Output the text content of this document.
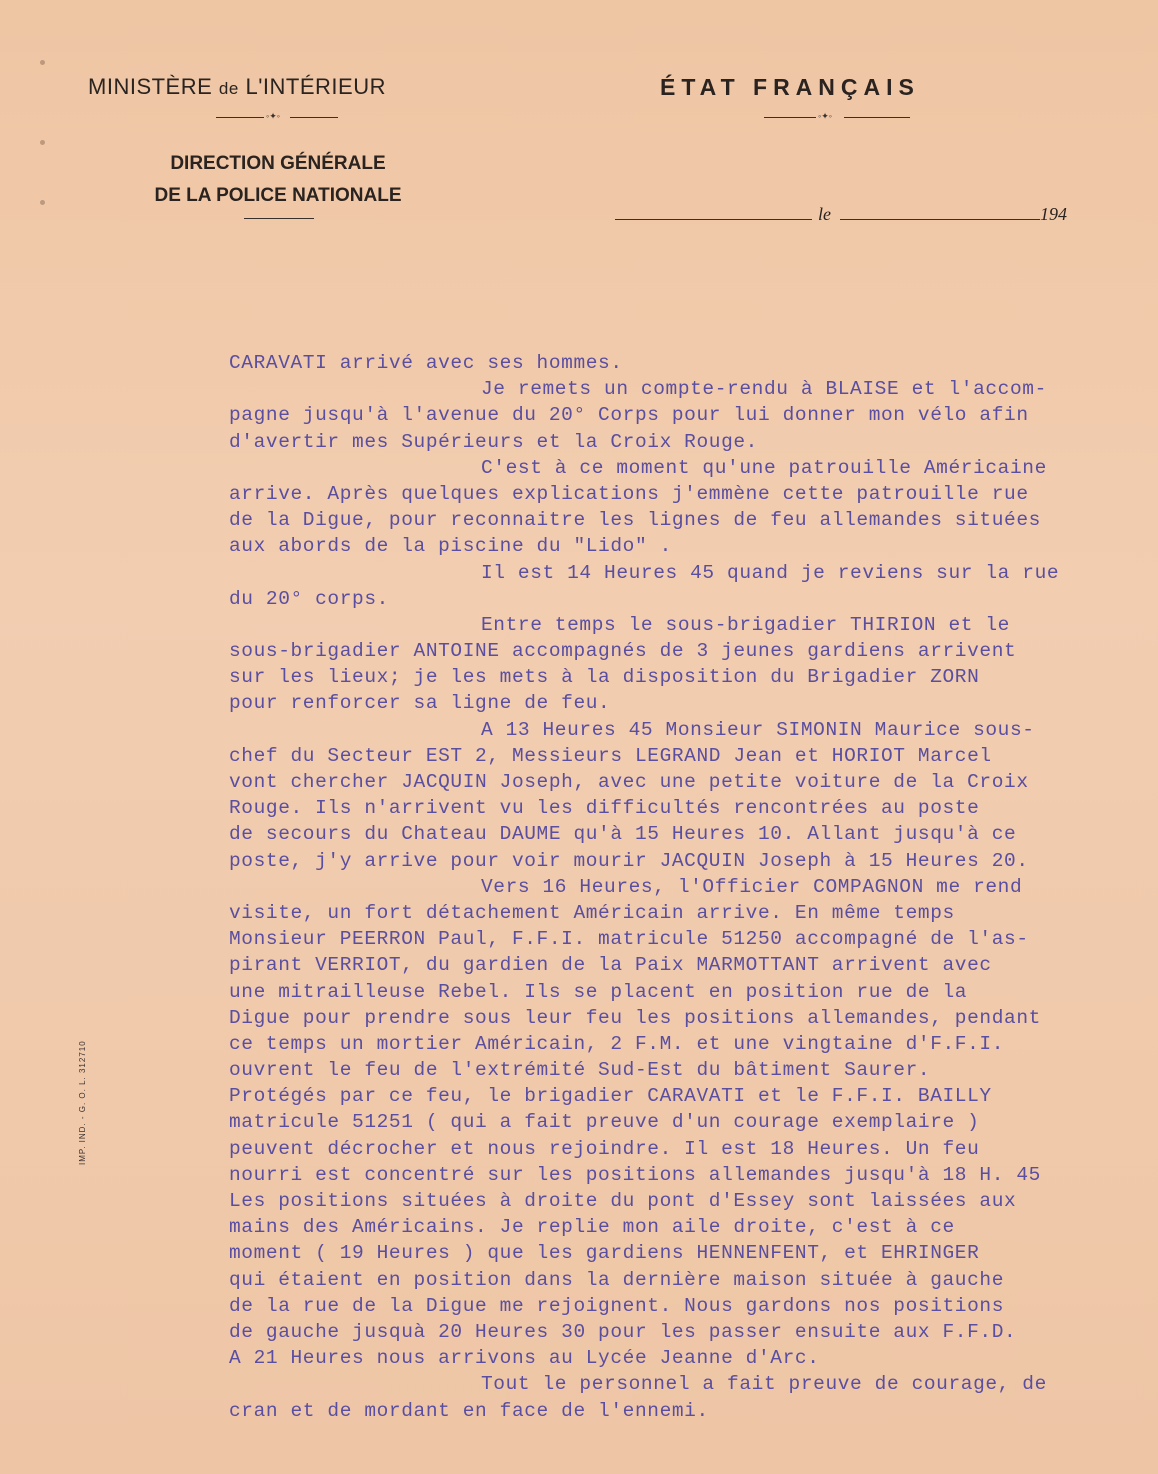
MINISTÈRE de L'INTÉRIEUR

◦✦◦
DIRECTION GÉNÉRALE
DE LA POLICE NATIONALE
ÉTAT FRANÇAIS
◦✦◦
le	194
IMP. IND. - G. O. L. 312710
CARAVATI arrivé avec ses hommes.
Je remets un compte-rendu à BLAISE et l'accom-
pagne jusqu'à l'avenue du 20° Corps pour lui donner mon vélo afin
d'avertir mes Supérieurs et la Croix Rouge.
C'est à ce moment qu'une patrouille Américaine
arrive. Après quelques explications j'emmène cette patrouille rue
de la Digue, pour reconnaitre les lignes de feu allemandes situées
aux abords de la piscine du "Lido" .
Il est 14 Heures 45 quand je reviens sur la rue
du 20° corps.
Entre temps le sous-brigadier THIRION et le
sous-brigadier ANTOINE accompagnés de 3 jeunes gardiens arrivent
sur les lieux; je les mets à la disposition du Brigadier ZORN
pour renforcer sa ligne de feu.
A 13 Heures 45 Monsieur SIMONIN Maurice sous-
chef du Secteur EST 2, Messieurs LEGRAND Jean et HORIOT Marcel
vont chercher JACQUIN Joseph, avec une petite voiture de la Croix
Rouge. Ils n'arrivent vu les difficultés rencontrées au poste
de secours du Chateau DAUME qu'à 15 Heures 10. Allant jusqu'à ce
poste, j'y arrive pour voir mourir JACQUIN Joseph à 15 Heures 20.
Vers 16 Heures, l'Officier COMPAGNON me rend
visite, un fort détachement Américain arrive. En même temps
Monsieur PEERRON Paul, F.F.I. matricule 51250 accompagné de l'as-
pirant VERRIOT, du gardien de la Paix MARMOTTANT arrivent avec
une mitrailleuse Rebel. Ils se placent en position rue de la
Digue pour prendre sous leur feu les positions allemandes, pendant
ce temps un mortier Américain, 2 F.M. et une vingtaine d'F.F.I.
ouvrent le feu de l'extrémité Sud-Est du bâtiment Saurer.
Protégés par ce feu, le brigadier CARAVATI et le F.F.I. BAILLY
matricule 51251 ( qui a fait preuve d'un courage exemplaire )
peuvent décrocher et nous rejoindre. Il est 18 Heures. Un feu
nourri est concentré sur les positions allemandes jusqu'à 18 H. 45
Les positions situées à droite du pont d'Essey sont laissées aux
mains des Américains. Je replie mon aile droite, c'est à ce
moment ( 19 Heures ) que les gardiens HENNENFENT, et EHRINGER
qui étaient en position dans la dernière maison située à gauche
de la rue de la Digue me rejoignent. Nous gardons nos positions
de gauche jusquà 20 Heures 30 pour les passer ensuite aux F.F.D.
A 21 Heures nous arrivons au Lycée Jeanne d'Arc.
Tout le personnel a fait preuve de courage, de
cran et de mordant en face de l'ennemi.
